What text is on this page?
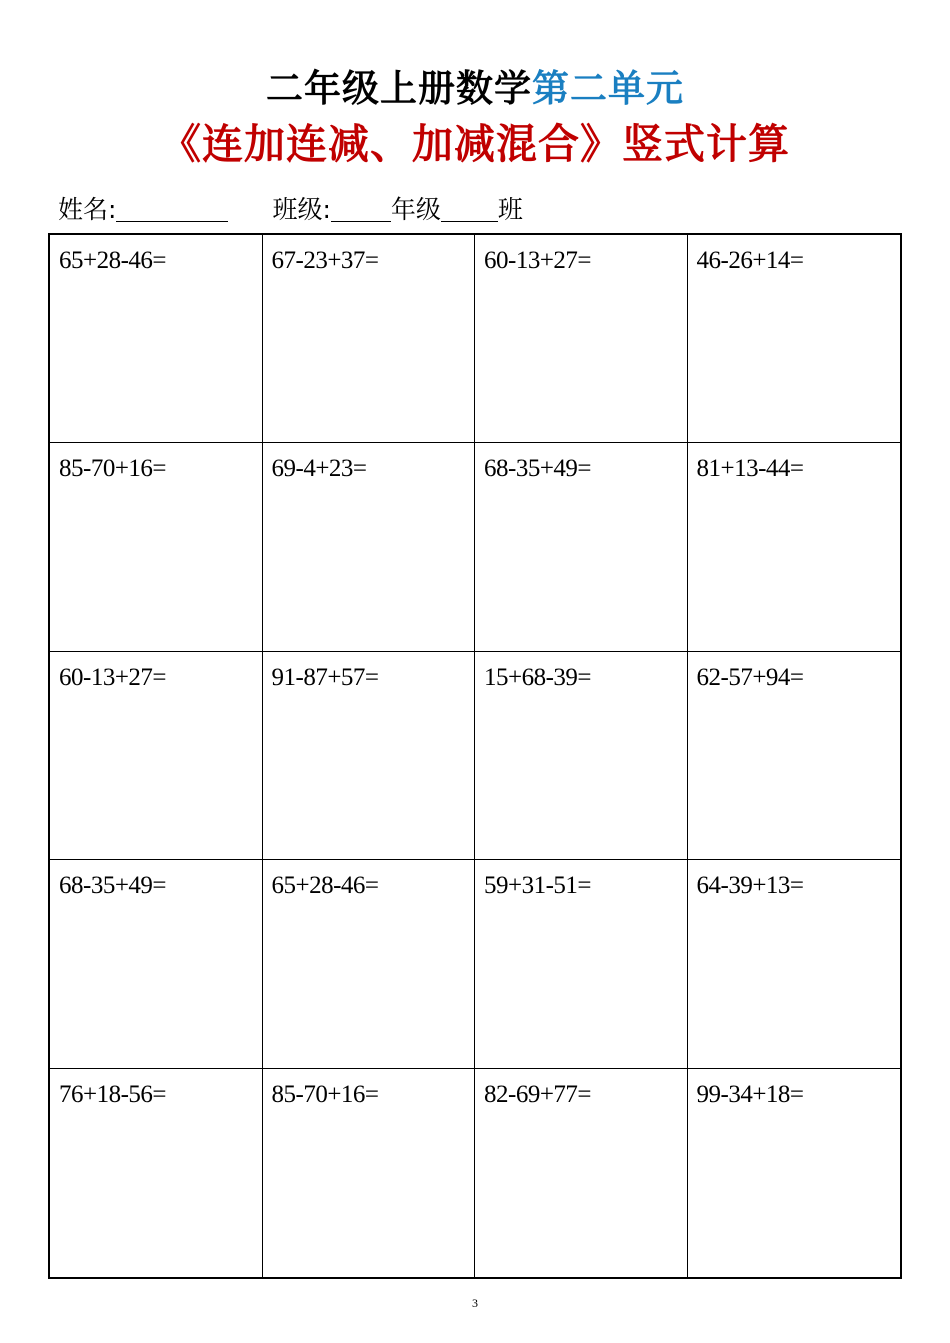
二年级上册数学第二单元
《连加连减、加减混合》竖式计算
姓名:	班级: 年级 班
65+28-46=	67-23+37=	60-13+27=	46-26+14=
85-70+16=	69-4+23=	68-35+49=	81+13-44=
60-13+27=	91-87+57=	15+68-39=	62-57+94=
68-35+49=	65+28-46=	59+31-51=	64-39+13=
76+18-56=	85-70+16=	82-69+77=	99-34+18=
3
